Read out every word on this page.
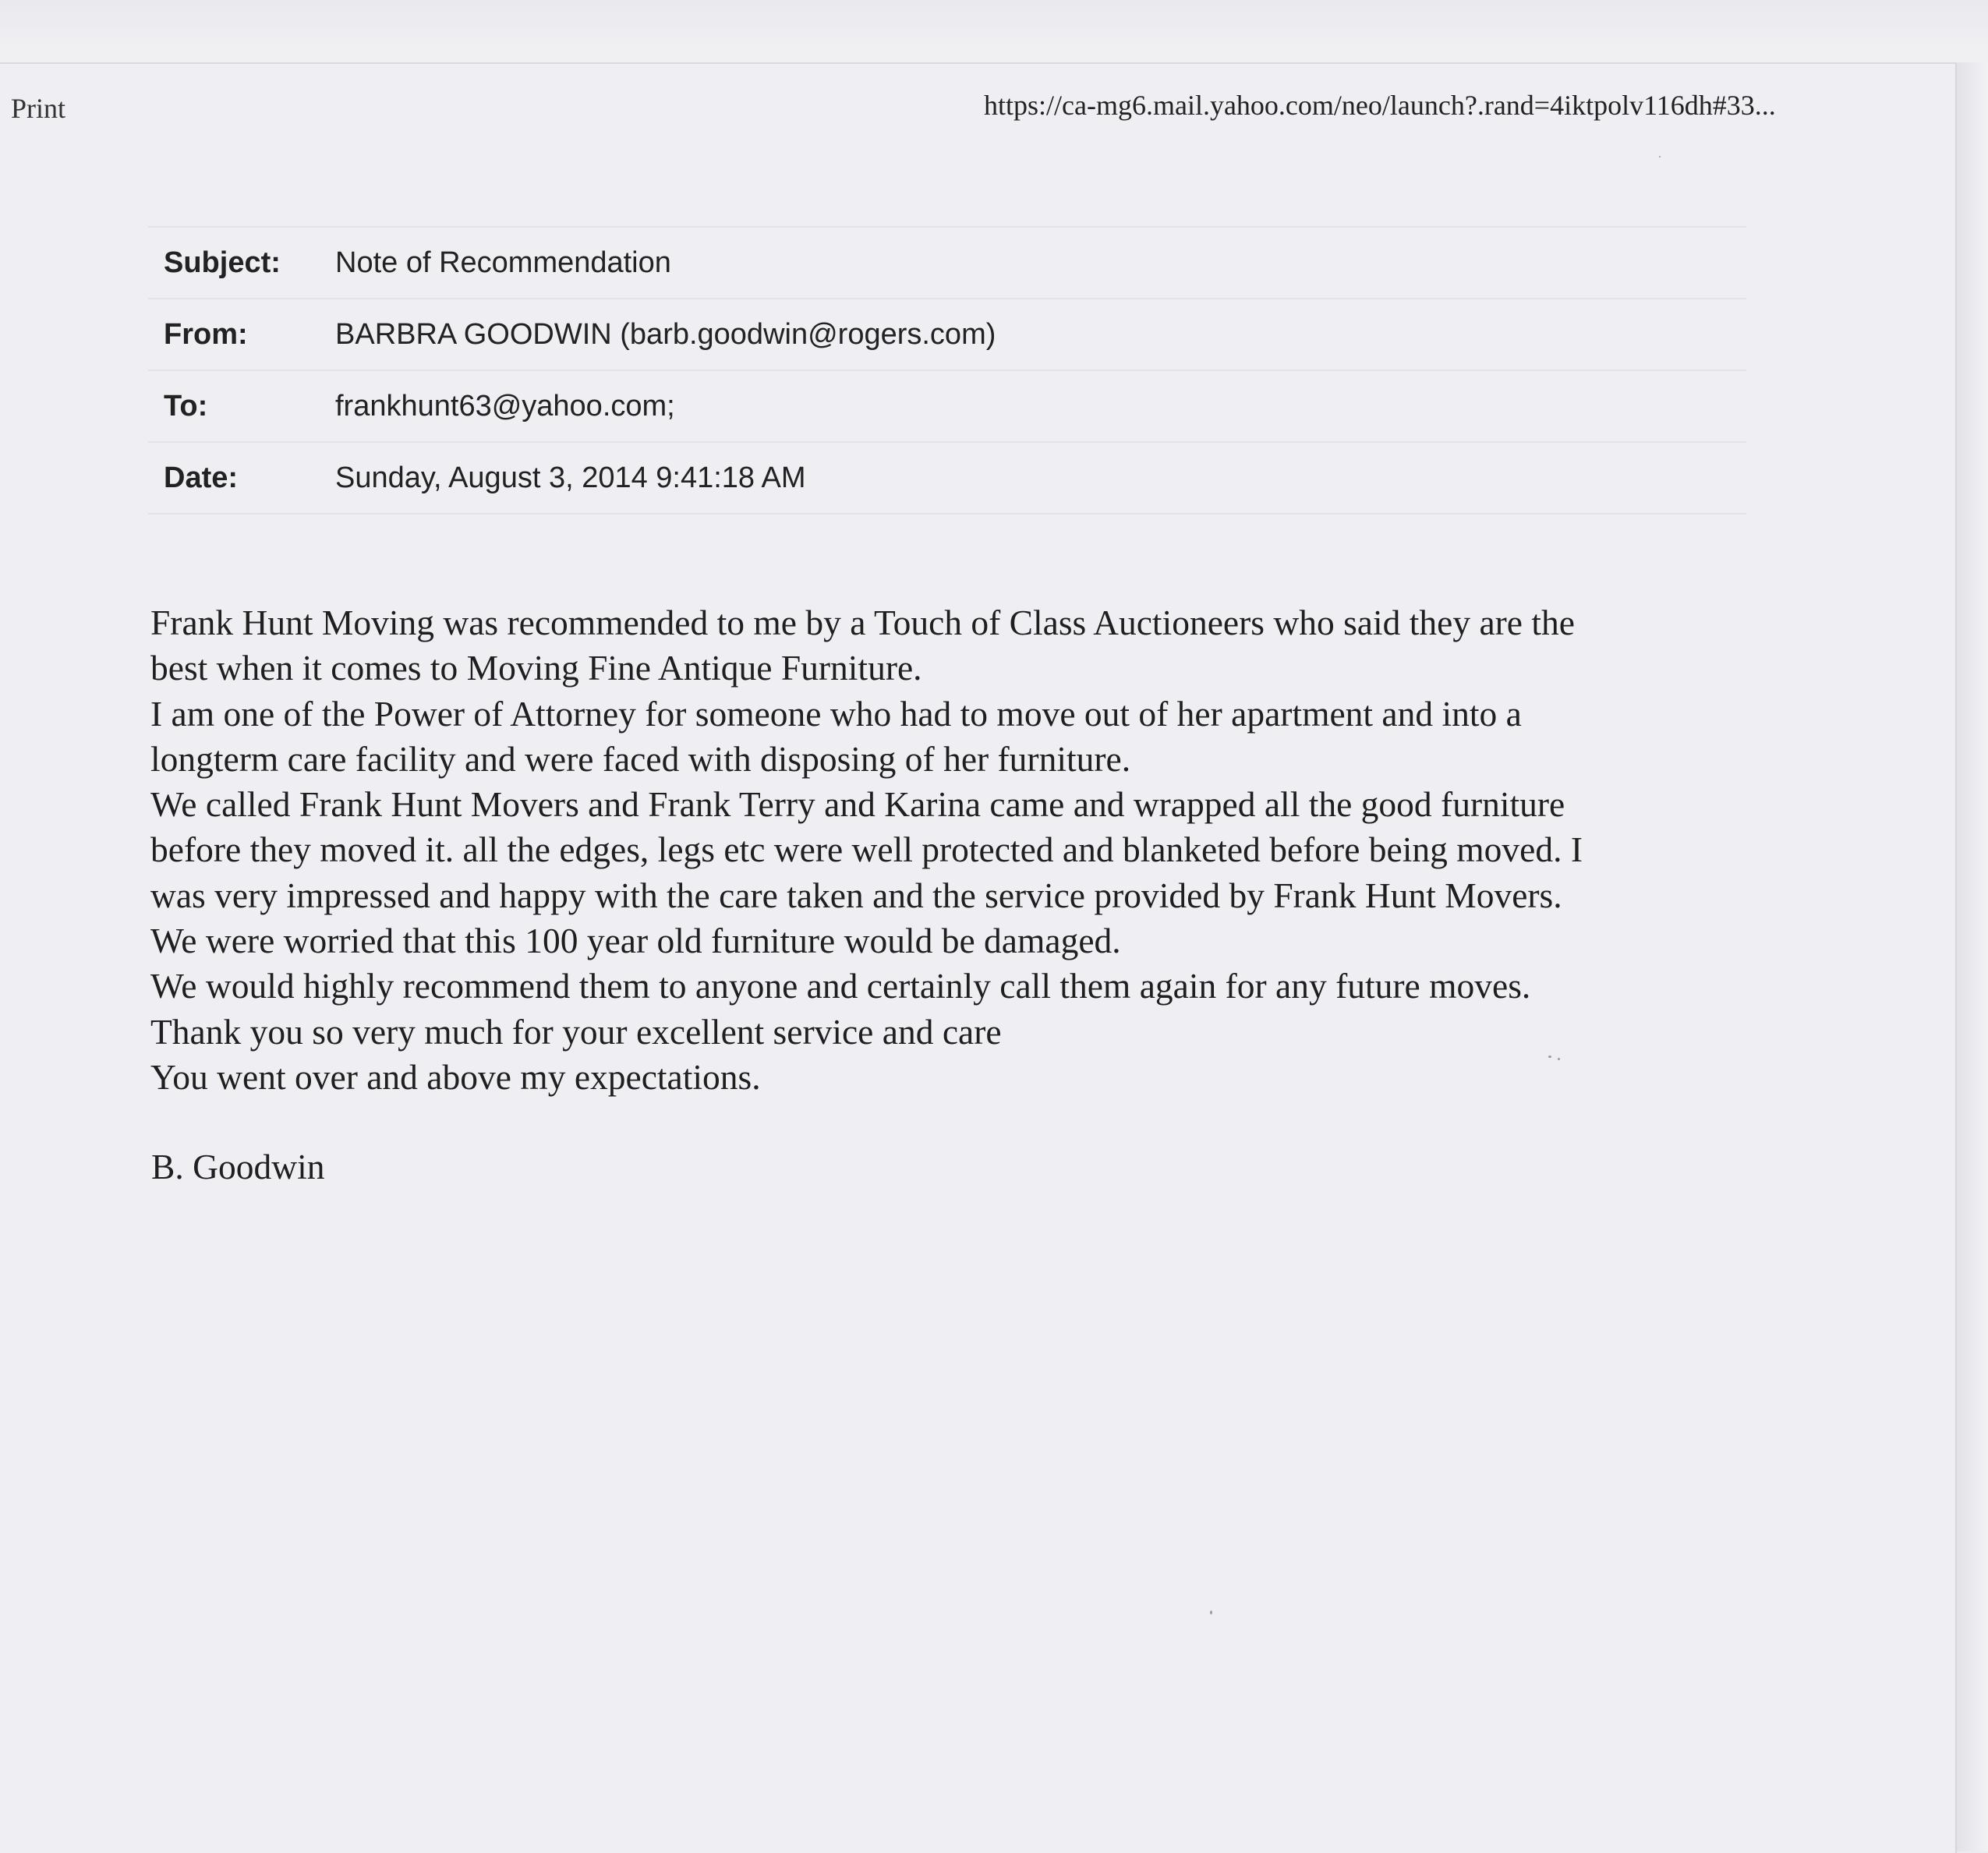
Print	https://ca-mg6.mail.yahoo.com/neo/launch?.rand=4iktpolv116dh#33...
Subject:	Note of Recommendation
From:	BARBRA GOODWIN (barb.goodwin@rogers.com)
To:	frankhunt63@yahoo.com;
Date:	Sunday, August 3, 2014 9:41:18 AM
Frank Hunt Moving was recommended to me by a Touch of Class Auctioneers who said they are the
best when it comes to Moving Fine Antique Furniture.
I am one of the Power of Attorney for someone who had to move out of her apartment and into a
longterm care facility and were faced with disposing of her furniture.
We called Frank Hunt Movers and Frank Terry and Karina came and wrapped all the good furniture
before they moved it. all the edges, legs etc were well protected and blanketed before being moved. I
was very impressed and happy with the care taken and the service provided by Frank Hunt Movers.
We were worried that this 100 year old furniture would be damaged.
We would highly recommend them to anyone and certainly call them again for any future moves.
Thank you so very much for your excellent service and care
You went over and above my expectations.
B. Goodwin
